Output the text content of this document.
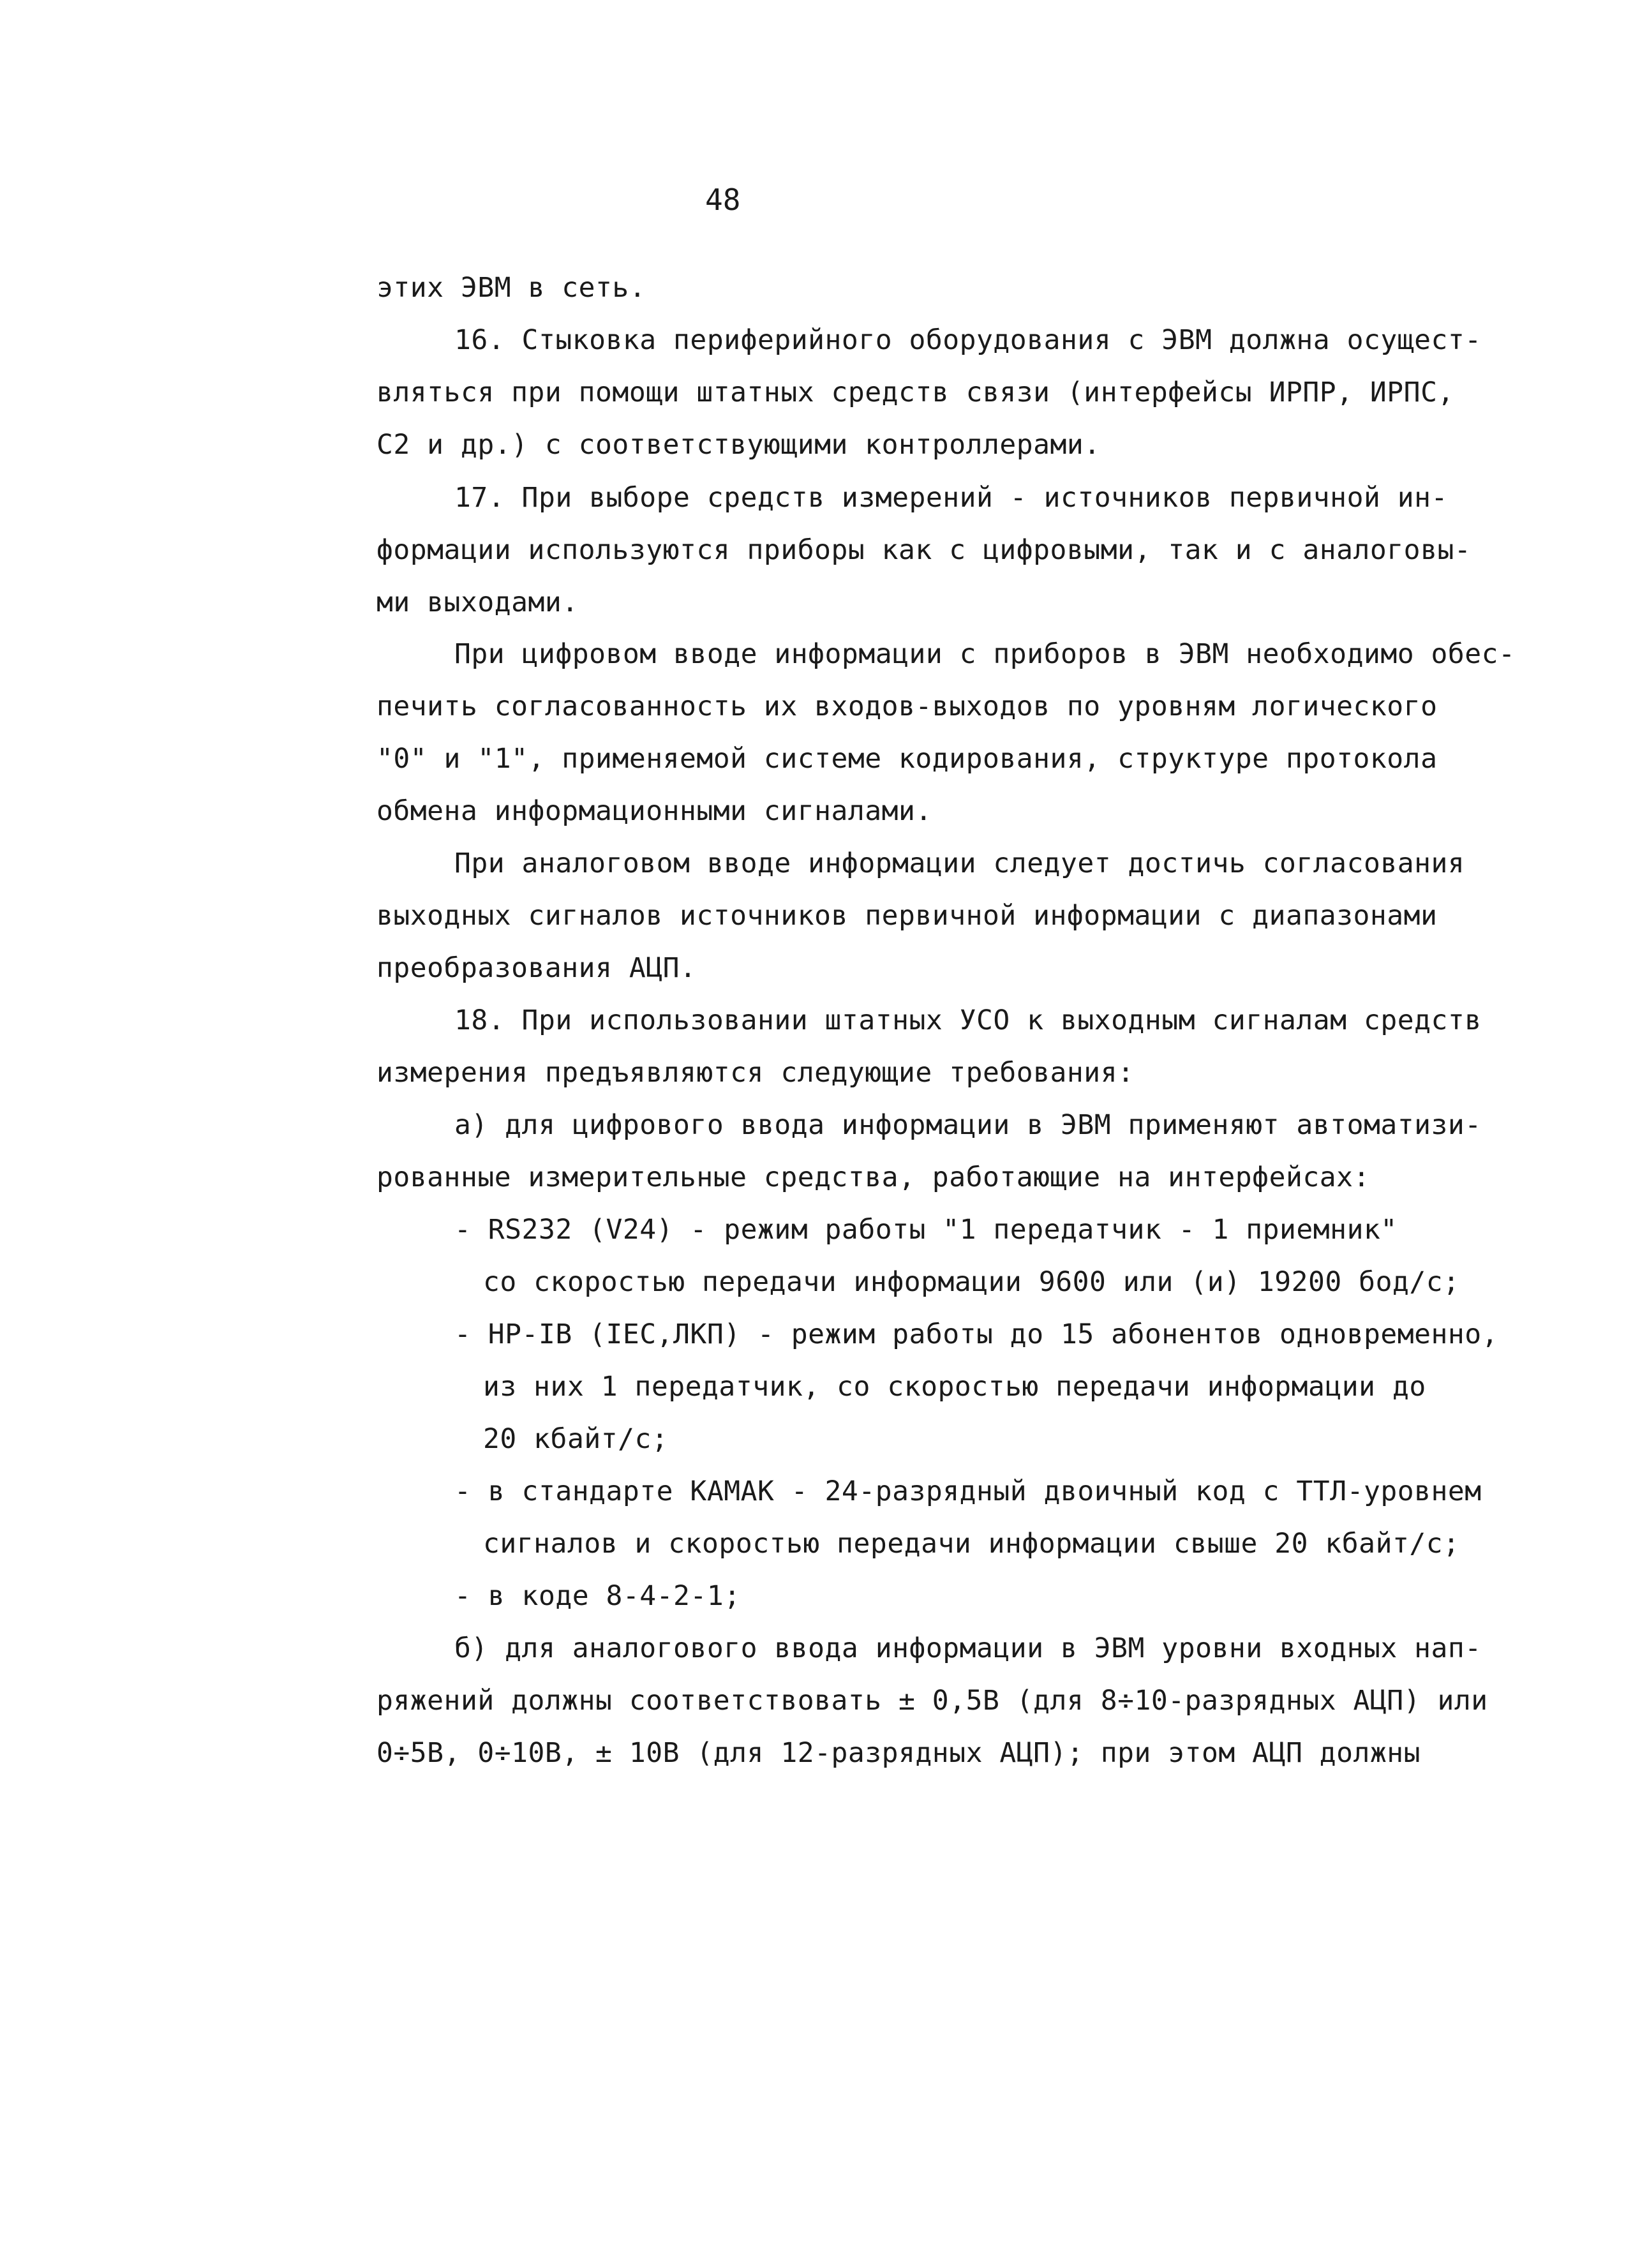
48
этих ЭВМ в сеть.
16. Стыковка периферийного оборудования с ЭВМ должна осущест-
вляться при помощи штатных средств связи (интерфейсы ИРПР, ИРПС,
С2 и др.) с соответствующими контроллерами.
17. При выборе средств измерений - источников первичной ин-
формации используются приборы как с цифровыми, так и с аналоговы-
ми выходами.
При цифровом вводе информации с приборов в ЭВМ необходимо обес-
печить согласованность их входов-выходов по уровням логического
"0" и "1", применяемой системе кодирования, структуре протокола
обмена информационными сигналами.
При аналоговом вводе информации следует достичь согласования
выходных сигналов источников первичной информации с диапазонами
преобразования АЦП.
18. При использовании штатных УСО к выходным сигналам средств
измерения предъявляются следующие требования:
а) для цифрового ввода информации в ЭВМ применяют автоматизи-
рованные измерительные средства, работающие на интерфейсах:
- RS232 (V24) - режим работы "1 передатчик - 1 приемник"
со скоростью передачи информации 9600 или (и) 19200 бод/с;
- HP-IB (IEC,ЛКП) - режим работы до 15 абонентов одновременно,
из них 1 передатчик, со скоростью передачи информации до
20 кбайт/с;
- в стандарте КАМАК - 24-разрядный двоичный код с ТТЛ-уровнем
сигналов и скоростью передачи информации свыше 20 кбайт/с;
- в коде 8-4-2-1;
б) для аналогового ввода информации в ЭВМ уровни входных нап-
ряжений должны соответствовать ± 0,5В (для 8÷10-разрядных АЦП) или
0÷5В, 0÷10В, ± 10В (для 12-разрядных АЦП); при этом АЦП должны
